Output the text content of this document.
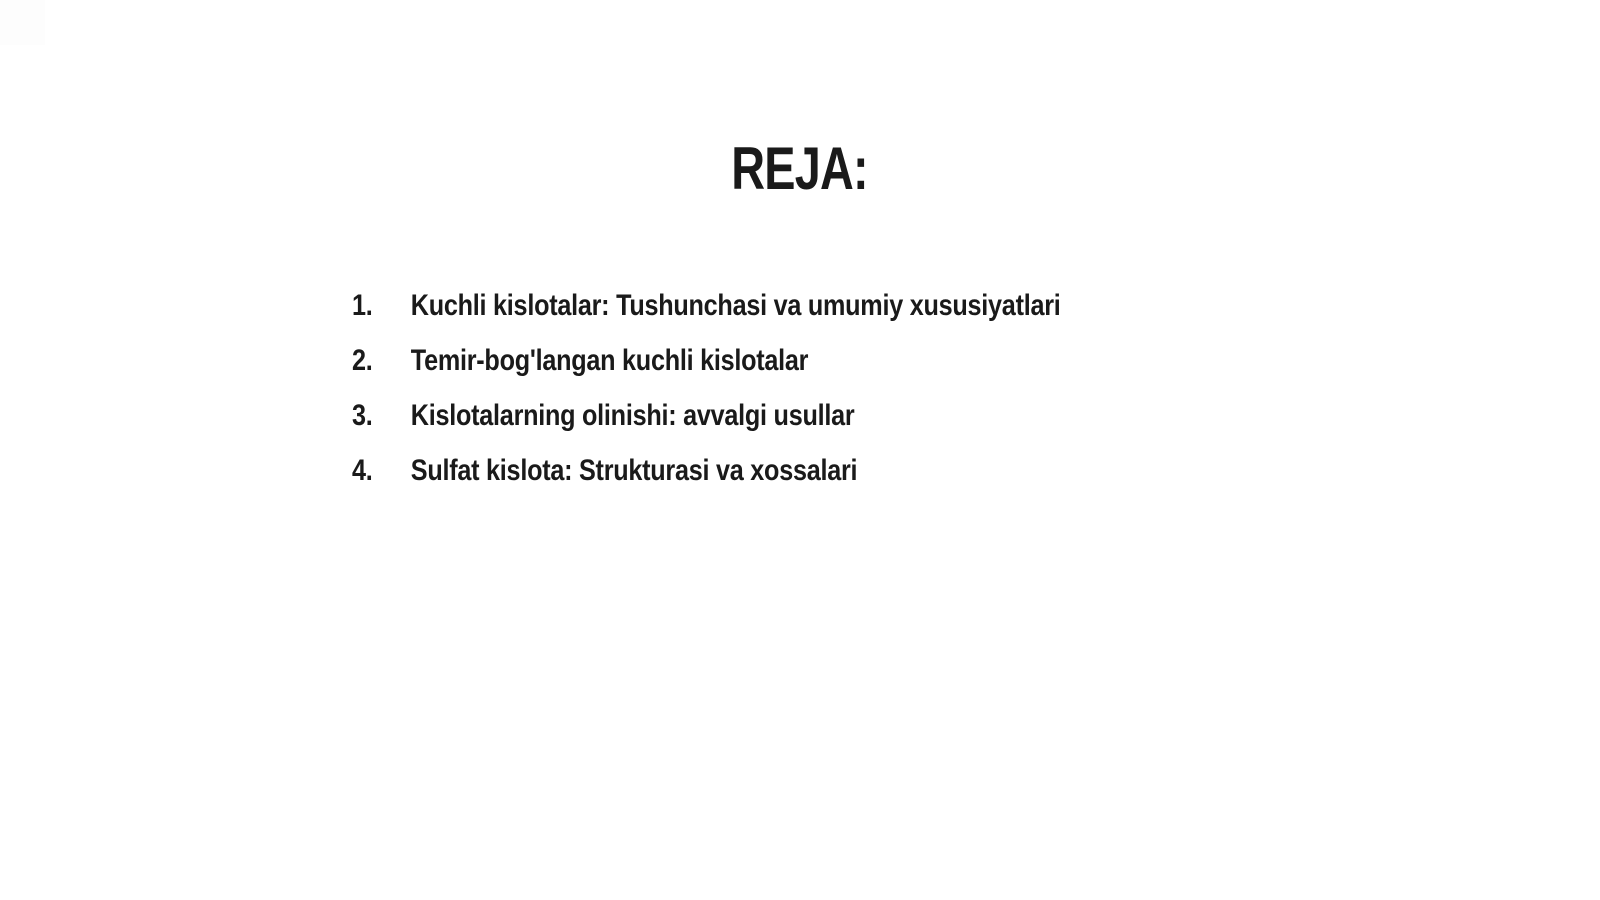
REJA:
1.	Kuchli kislotalar: Tushunchasi va umumiy xususiyatlari
2.	Temir-bog'langan kuchli kislotalar
3.	Kislotalarning olinishi: avvalgi usullar
4.	Sulfat kislota: Strukturasi va xossalari
